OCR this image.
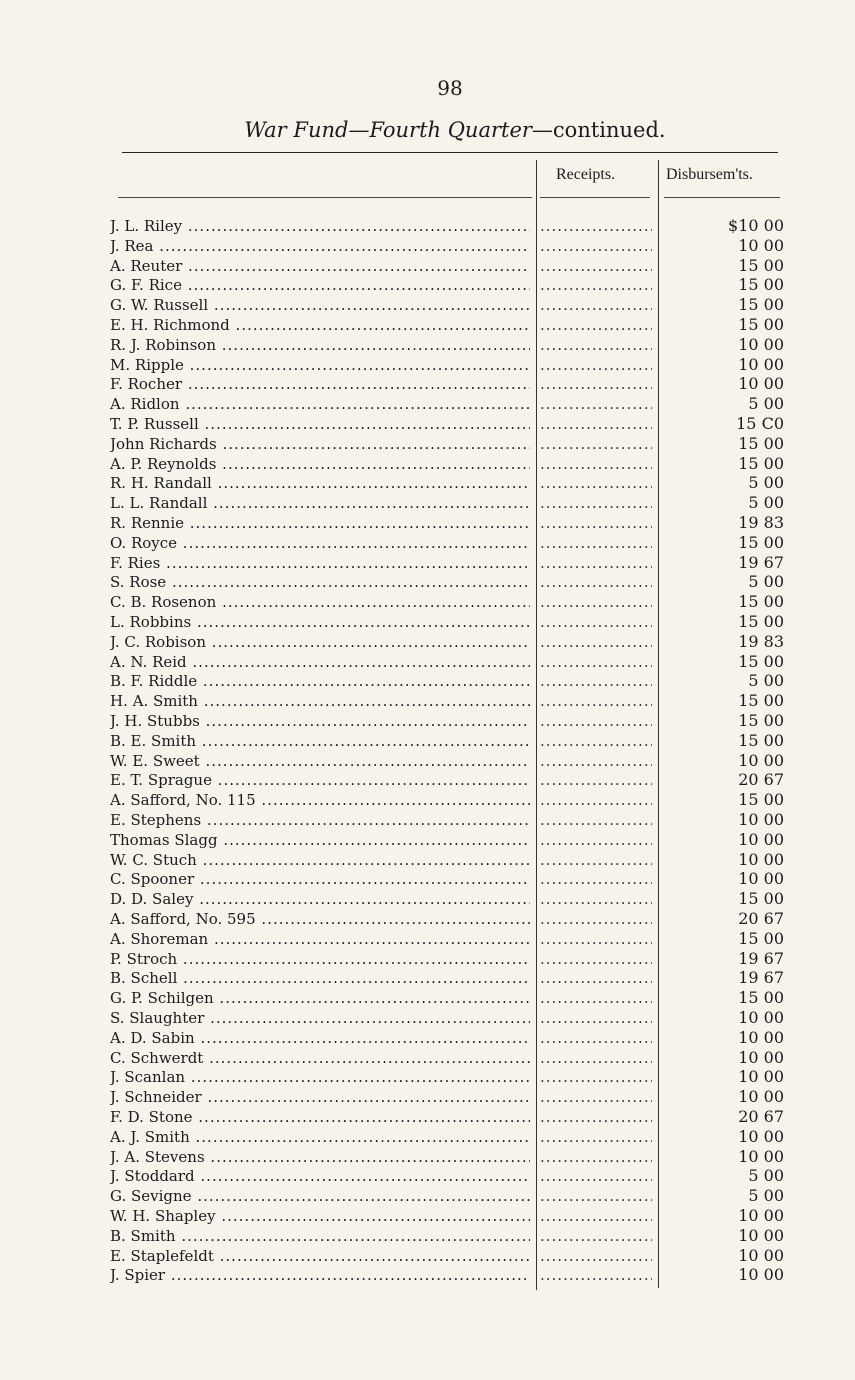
98
War Fund—Fourth Quarter—continued.
Receipts.	Disbursem'ts.
J. L. Riley ..... .....	$10 00
J. Rea ..... .....	10 00
A. Reuter ..... .....	15 00
G. F. Rice ..... .....	15 00
G. W. Russell ..... .....	15 00
E. H. Richmond ..... .....	15 00
R. J. Robinson ..... .....	10 00
M. Ripple ..... .....	10 00
F. Rocher ..... .....	10 00
A. Ridlon ..... .....	5 00
T. P. Russell ..... .....	15 C0
John Richards ..... .....	15 00
A. P. Reynolds ..... .....	15 00
R. H. Randall ..... .....	5 00
L. L. Randall ..... .....	5 00
R. Rennie ..... .....	19 83
O. Royce ..... .....	15 00
F. Ries ..... .....	19 67
S. Rose ..... .....	5 00
C. B. Rosenon ..... .....	15 00
L. Robbins ..... .....	15 00
J. C. Robison ..... .....	19 83
A. N. Reid ..... .....	15 00
B. F. Riddle ..... .....	5 00
H. A. Smith ..... .....	15 00
J. H. Stubbs ..... .....	15 00
B. E. Smith ..... .....	15 00
W. E. Sweet ..... .....	10 00
E. T. Sprague ..... .....	20 67
A. Safford, No. 115 ..... .....	15 00
E. Stephens ..... .....	10 00
Thomas Slagg ..... .....	10 00
W. C. Stuch ..... .....	10 00
C. Spooner ..... .....	10 00
D. D. Saley ..... .....	15 00
A. Safford, No. 595 ..... .....	20 67
A. Shoreman ..... .....	15 00
P. Stroch ..... .....	19 67
B. Schell ..... .....	19 67
G. P. Schilgen ..... .....	15 00
S. Slaughter ..... .....	10 00
A. D. Sabin ..... .....	10 00
C. Schwerdt ..... .....	10 00
J. Scanlan ..... .....	10 00
J. Schneider ..... .....	10 00
F. D. Stone ..... .....	20 67
A. J. Smith ..... .....	10 00
J. A. Stevens ..... .....	10 00
J. Stoddard ..... .....	5 00
G. Sevigne ..... .....	5 00
W. H. Shapley ..... .....	10 00
B. Smith ..... .....	10 00
E. Staplefeldt ..... .....	10 00
J. Spier ..... .....	10 00
